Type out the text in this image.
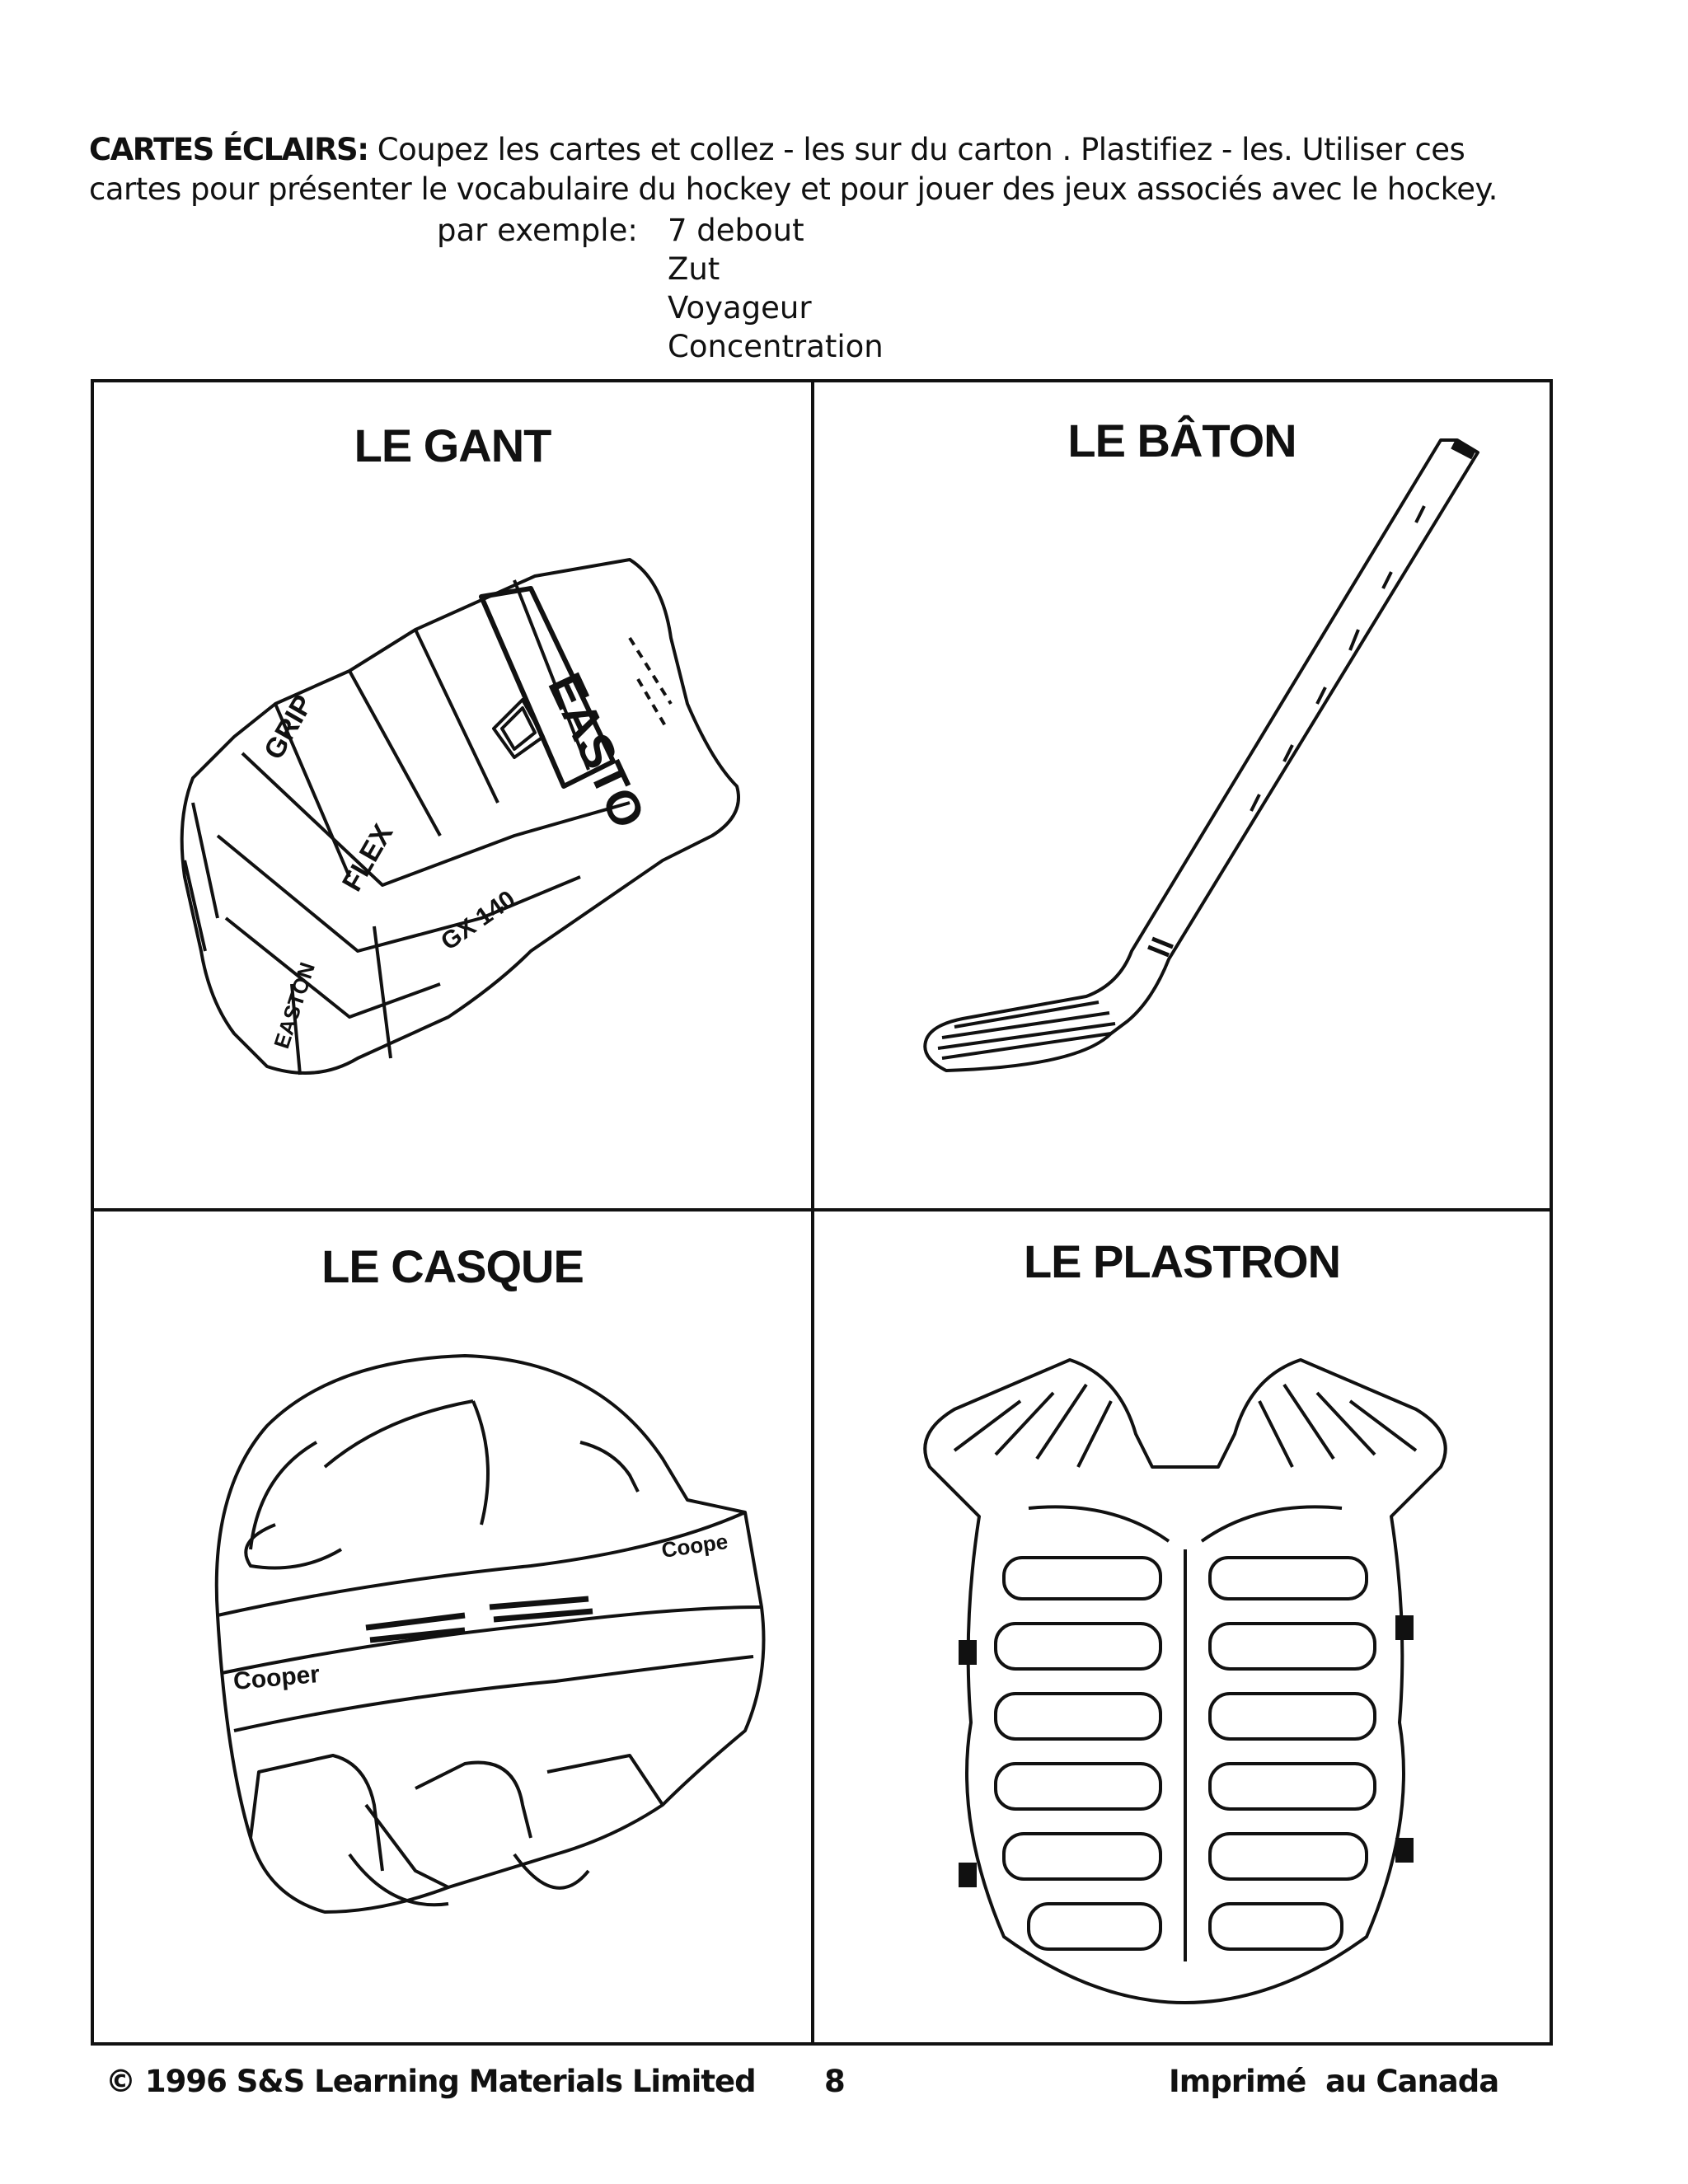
CARTES ÉCLAIRS: Coupez les cartes et collez - les sur du carton . Plastifiez - les. Utiliser ces cartes pour présenter le vocabulaire du hockey et pour jouer des jeux associés avec le hockey.
par exemple: 7 debout
Zut
Voyageur
Concentration
LE GANT
EASTO
GRIP
FLEX
GX 140
EASTON
LE BÂTON
LE CASQUE
Cooper
Coope
LE PLASTRON
© 1996 S&S Learning Materials Limited 8	Imprimé  au Canada
